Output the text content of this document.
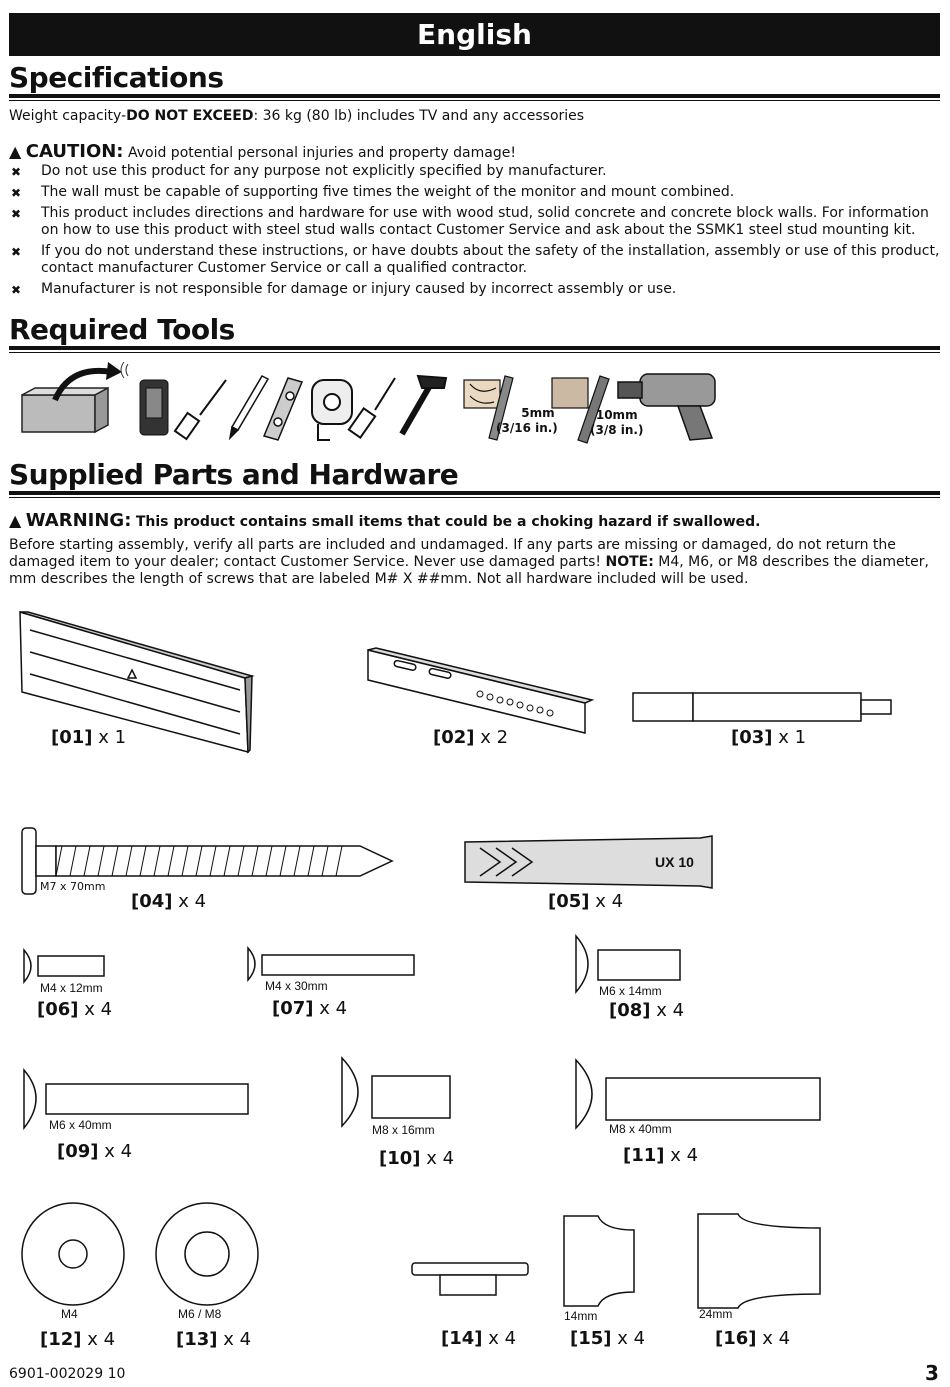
English
Specifications
Weight capacity-DO NOT EXCEED: 36 kg (80 lb) includes TV and any accessories
▲ CAUTION: Avoid potential personal injuries and property damage!
✖ Do not use this product for any purpose not explicitly specified by manufacturer.
✖ The wall must be capable of supporting five times the weight of the monitor and mount combined.
✖ This product includes directions and hardware for use with wood stud, solid concrete and concrete block walls. For information on how to use this product with steel stud walls contact Customer Service and ask about the SSMK1 steel stud mounting kit.
✖ If you do not understand these instructions, or have doubts about the safety of the installation, assembly or use of this product, contact manufacturer Customer Service or call a qualified contractor.
✖ Manufacturer is not responsible for damage or injury caused by incorrect assembly or use.
Required Tools
5mm
(3/16 in.)
10mm
(3/8 in.)
Supplied Parts and Hardware
▲ WARNING: This product contains small items that could be a choking hazard if swallowed.
Before starting assembly, verify all parts are included and undamaged. If any parts are missing or damaged, do not return the damaged item to your dealer; contact Customer Service. Never use damaged parts! NOTE: M4, M6, or M8 describes the diameter, mm describes the length of screws that are labeled M# X ##mm. Not all hardware included will be used.
[01] x 1	[02] x 2	[03] x 1
M7 x 70mm
[04] x 4
UX 10
[05] x 4
M4 x 12mm
[06] x 4
M4 x 30mm
[07] x 4
M6 x 14mm
[08] x 4
M6 x 40mm
[09] x 4
M8 x 16mm
[10] x 4
M8 x 40mm
[11] x 4
M4
[12] x 4
M6 / M8
[13] x 4	[14] x 4
14mm
[15] x 4
24mm
[16] x 4
6901-002029 10	3
